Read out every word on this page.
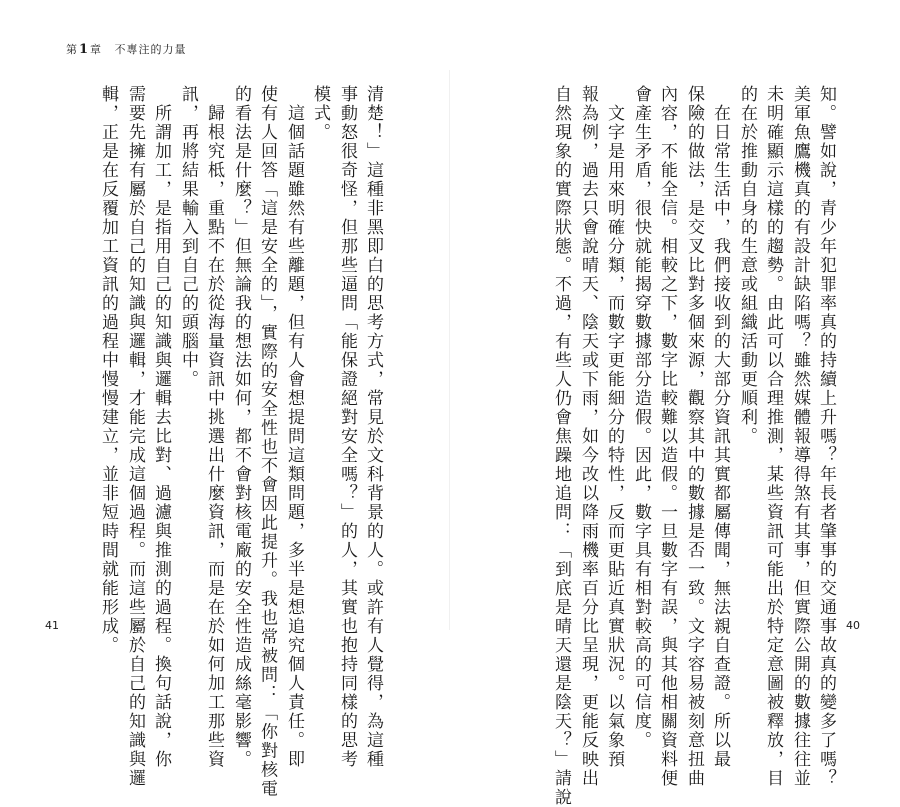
第1章 不專注的力量
知。譬如說，青少年犯罪率真的持續上升嗎？年長者肇事的交通事故真的變多了嗎？
美軍魚鷹機真的有設計缺陷嗎？雖然媒體報導得煞有其事，但實際公開的數據往往並
未明確顯示這樣的趨勢。由此可以合理推測，某些資訊可能出於特定意圖被釋放，目
的在於推動自身的生意或組織活動更順利。
　在日常生活中，我們接收到的大部分資訊其實都屬傳聞，無法親自查證。所以最
保險的做法，是交叉比對多個來源，觀察其中的數據是否一致。文字容易被刻意扭曲
內容，不能全信。相較之下，數字比較難以造假。一旦數字有誤，與其他相關資料便
會產生矛盾，很快就能揭穿數據部分造假。因此，數字具有相對較高的可信度。
　文字是用來明確分類，而數字更能細分的特性，反而更貼近真實狀況。以氣象預
報為例，過去只會說晴天、陰天或下雨，如今改以降雨機率百分比呈現，更能反映出
自然現象的實際狀態。不過，有些人仍會焦躁地追問：「到底是晴天還是陰天？」請說
清楚！」這種非黑即白的思考方式，常見於文科背景的人。或許有人覺得，為這種
事動怒很奇怪，但那些逼問「能保證絕對安全嗎？」的人，其實也抱持同樣的思考
模式。
　這個話題雖然有些離題，但有人會想提問這類問題，多半是想追究個人責任。即
使有人回答「這是安全的」，實際的安全性也不會因此提升。我也常被問：「你對核電
的看法是什麼？」但無論我的想法如何，都不會對核電廠的安全性造成絲毫影響。
　歸根究柢，重點不在於從海量資訊中挑選出什麼資訊，而是在於如何加工那些資
訊，再將結果輸入到自己的頭腦中。
　所謂加工，是指用自己的知識與邏輯去比對、過濾與推測的過程。換句話說，你
需要先擁有屬於自己的知識與邏輯，才能完成這個過程。而這些屬於自己的知識與邏
輯，正是在反覆加工資訊的過程中慢慢建立，並非短時間就能形成。
41	40
